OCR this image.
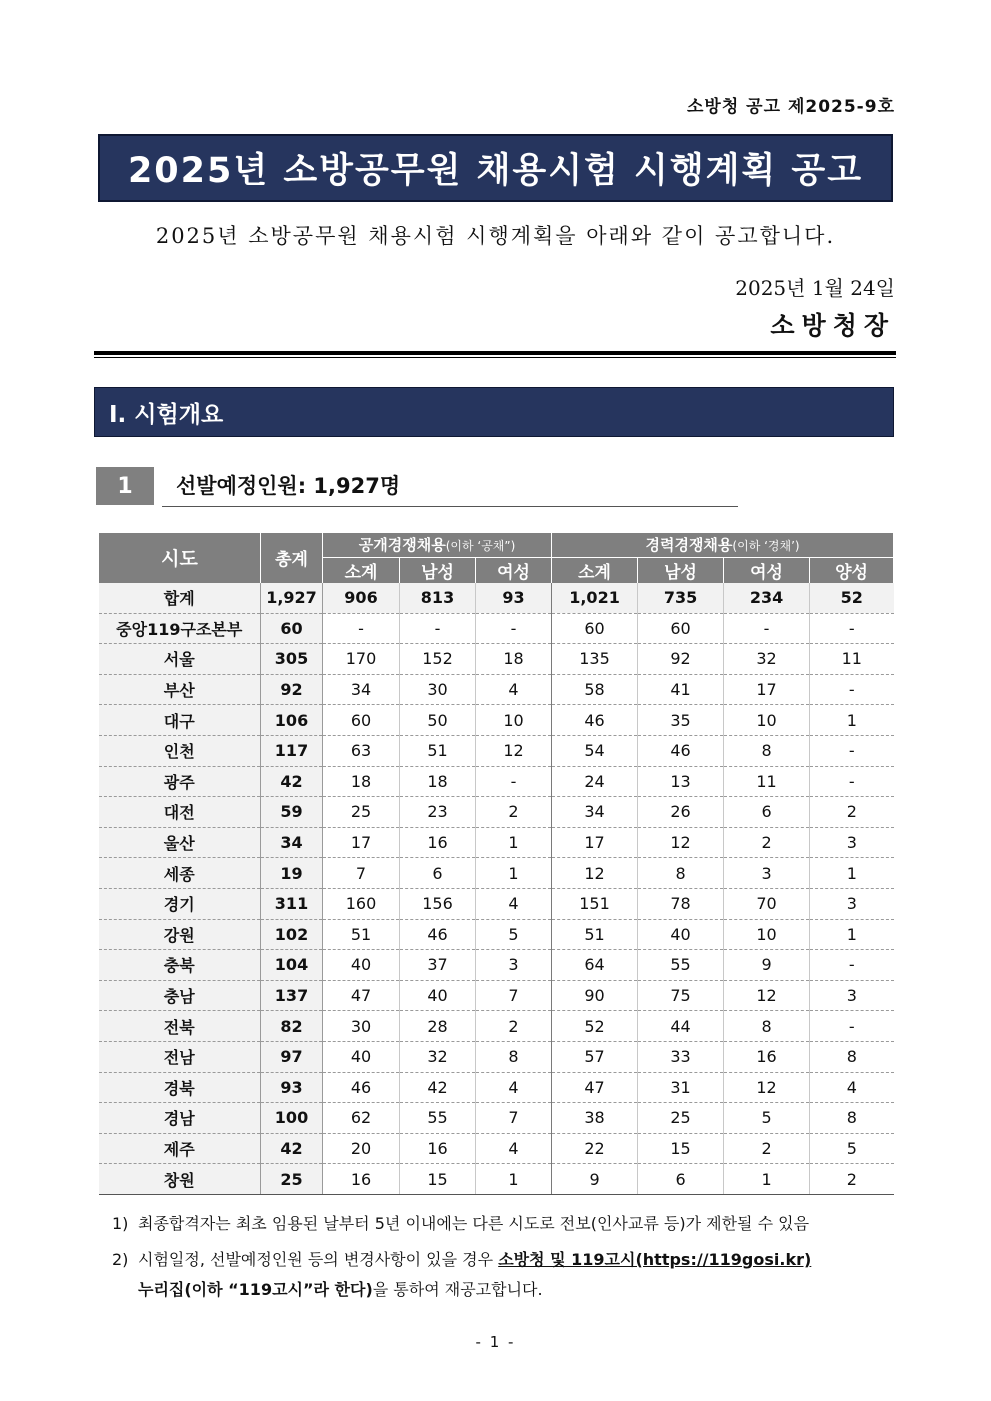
소방청 공고 제2025-9호
2025년 소방공무원 채용시험 시행계획 공고
2025년 소방공무원 채용시험 시행계획을 아래와 같이 공고합니다.
2025년 1월 24일
소방청장
Ⅰ. 시험개요
1	선발예정인원: 1,927명
시도	총계	공개경쟁채용(이하 ‘공채”)			경력경쟁채용(이하 ‘경채’)			
		소계	남성	여성	소계	남성	여성	양성
합계	1,927	906	813	93	1,021	735	234	52
중앙119구조본부	60	-	-	-	60	60	-	-
서울	305	170	152	18	135	92	32	11
부산	92	34	30	4	58	41	17	-
대구	106	60	50	10	46	35	10	1
인천	117	63	51	12	54	46	8	-
광주	42	18	18	-	24	13	11	-
대전	59	25	23	2	34	26	6	2
울산	34	17	16	1	17	12	2	3
세종	19	7	6	1	12	8	3	1
경기	311	160	156	4	151	78	70	3
강원	102	51	46	5	51	40	10	1
충북	104	40	37	3	64	55	9	-
충남	137	47	40	7	90	75	12	3
전북	82	30	28	2	52	44	8	-
전남	97	40	32	8	57	33	16	8
경북	93	46	42	4	47	31	12	4
경남	100	62	55	7	38	25	5	8
제주	42	20	16	4	22	15	2	5
창원	25	16	15	1	9	6	1	2
1) 최종합격자는 최초 임용된 날부터 5년 이내에는 다른 시도로 전보(인사교류 등)가 제한될 수 있음
2) 시험일정, 선발예정인원 등의 변경사항이 있을 경우 소방청 및 119고시(https://119gosi.kr)
누리집(이하 “119고시”라 한다)을 통하여 재공고합니다.
- 1 -
